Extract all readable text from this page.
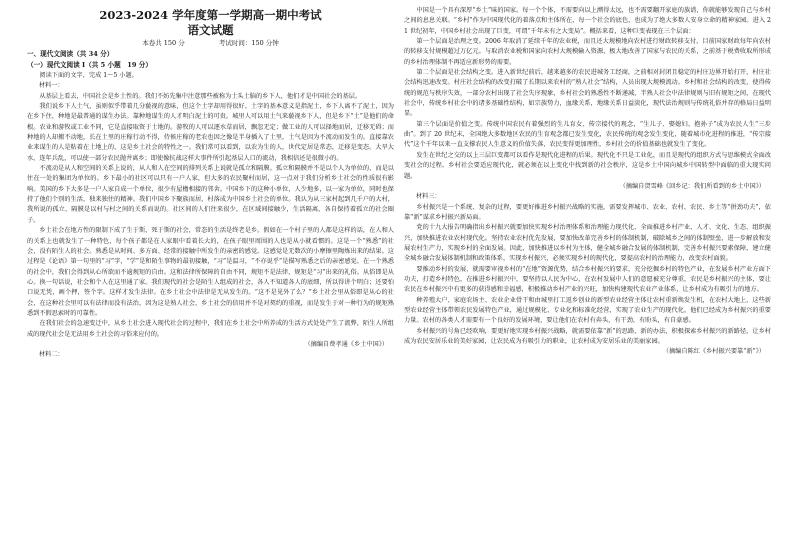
2023-2024 学年度第一学期高一期中考试
语文试题
本卷共 150 分	考试时间：150 分钟
一、现代文阅读（共 34 分）
（一）现代文阅读 I（共 5 小题　19 分）

阅读下面的文字，完成 1～5 小题。

材料一：

从基层上看去，中国社会是乡土性的。我们不妨先集中注意那些被称为土头土脑的乡下人，他们才是中国社会的基层。

我们说乡下人土气，虽则似乎带着几分藐视的意味，但这个土字却用得很好。土字的基本意义是指泥土，乡下人离不了泥土，因为在乡下住，种地是最普通的谋生办法。靠种地谋生的人才明白泥土的可贵。城里人可以用土气来藐视乡下人，但是乡下“土”是他们的命根。农业和游牧或工业不同，它是直接取资于土地的。游牧的人可以逐水草而居，飘忽无定；做工业的人可以择地而居，迁移无碍；而种地的人却搬不动地，长在土里的庄稼行动不得，侍候庄稼的老农也因之像是半身插入了土里，土气是因为不流动而发生的。直接靠农业来谋生的人是粘着在土地上的，这是乡土社会的特性之一。我们常可以看到，以农为生的人，世代定居是常态，迁移是变态。大旱大水，连年兵乱，可以使一部分农民抛井离乡；即使像抗战这样大事件所引起基层人口的流动，我相信还是很微小的。

不流动是从人和空间的关系上说的，从人和人在空间的排列关系上说就是孤立和隔膜。孤立和隔膜并不是以个人为单位的，而是以住在一处的集团为单位的。乡下最小的社区可以只有一户人家，但大多的农民聚村而居，这一点对于我们分析乡土社会的性质很有影响。美国的乡下大多是一户人家自成一个单位，很少有屋檐相接的邻舍。中国乡下的这种小单位，人少地多，以一家为单位，同时也保持了他们个别的生活，独来独往的精神。我们中国乡下聚族而居，村落成为中国乡土社会的单位。我认为从三家村起到几千户的大村，我所说的孤立、隔膜是以村与村之间的关系而说的。社区间的人们往来很少，在区域间接触少，生活隔离，各自保持着孤立的社会圈子。

乡土社会在地方性的限制下成了生于斯、死于斯的社会，常态的生活是终老是乡。假如在一个村子里的人都是这样的话，在人和人的关系上也就发生了一种特色，每个孩子都是在人家眼中看着长大的，在孩子眼里周围的人也是从小就看惯的。这是一个“熟悉”的社会，没有陌生人的社会。熟悉是从时间、多方面、经常的接触中所发生的亲密的感觉。这感觉是无数次的小摩擦里陶炼出来的结果。这过程是《论语》第一句里的“习”字，“学”是和陌生事物的最初接触，“习”是温习，“不亦说乎”是描写熟悉之后的亲密感觉。在一个熟悉的社会中，我们会得到从心所欲而不逾规矩的自由。这和法律所保障的自由不同，规矩不是法律，规矩是“习”出来的礼俗。从俗即是从心。换一句话说，社会和个人在这里通了家。我们现代的社会是陌生人组成的社会，各人不知道各人的底细，所以得讲个明白；还要怕口说无凭，画个押，签个字。这样才发生法律。在乡土社会中法律是无从发生的。“这不是见外了么？”乡土社会里从俗即是从心的社会，在这种社会里可以有法律而没有法治，因为这是熟人社会，乡土社会的信用并不是对契约的重视，而是发生于对一种行为的规矩熟悉到不假思索时的可靠性。

在我们社会的急速变迁中，从乡土社会进入现代社会的过程中，我们在乡土社会中所养成的生活方式处处产生了流弊，陌生人所组成的现代社会是无法用乡土社会的习俗来应付的。

（摘编自费孝通《乡土中国》）

材料二：

中国是一个具有深厚“乡土”味的国家。每一个个体，不需要向以上溯得太远，也不需要翻开家庭的族谱，你就能够发现自己与乡村之间的息息关联。“乡村”作为中国现代化的着落点和主体所在，每一个社会的底色，也成为了绝大多数人安身立命的精神家园。进入 21 世纪初年，中国乡村社会出现了巨变，可谓“千年未有之大变局”。概括来看，这种巨变表现在三个层面：

第一个层面是治理之变。2006 年取消了延续千年的农业税，而且还大规模地向农村进行财政转移支付，目前国家财政每年向农村的转移支付规模超过万亿元。与取消农业税和国家向农村大规模输入资源，极大地改善了国家与农民的关系，之前基于税费收取所形成的乡村治理体制不再适应新形势的需要。

第二个层面是社会结构之变。进入新世纪前后，越来越多的农民进城务工经商，之前相对封闭且稳定的村庄边界开始打开，村庄社会结构迅速改变。村庄社会结构的改变打破了长期以来农村的“熟人社会”结构，人员出现大规模流动。乡村和社会结构的改变，使得传统的规范与秩序失效，一部分农村出现了社会失序现象，乡村社会的熟悉性不断递减，半熟人社会中法律规则与旧有规矩之间，在现代社会中，传统乡村社会中的诸多基础性结构，如宗族势力，血缘关系，地缘关系日益淡化，现代法治规则与传统礼俗并存的格局日益明显。

第三个层面是价值之变。传统中国农民有着强烈的生儿育女、传宗接代的观念，“生儿子、娶媳妇、抱孙子”成为农民人生“三步曲”。到了 20 世纪末，全国绝大多数地区农民的生育观念都已发生变化，农民传统的观念发生变化，随着城市化进程的推进，“传宗接代”这个千年以来一直支撑农民人生意义的价值失落，农民变得更加理性，乡村社会的价值基础也就发生了变化。

发生在世纪之交的以上三层巨变都可以看作是现代化进程的后果。现代化不只是工业化，而且是现代的组织方式与思维模式全面改变社会的过程。乡村社会要适应现代化，就必须在以上变化中找到新的社会秩序，这是乡土中国向城乡中国转型中面临的重大现实问题。

（摘编自贺雪峰《回乡记：我们所看到的乡土中国》）

材料三：

乡村振兴是一个系统、复杂的过程，要更好推进乡村振兴战略的实施，需要发挥城市、农业、农村、农民、乡土等“拼劲功夫”，依靠“新”谋求乡村振兴新局面。

党的十九大报告明确指出乡村振兴就要加快实现乡村治理体系和治理能力现代化，全面推进乡村产业、人才、文化、生态、组织振兴，加快推进农业农村现代化。坚持农业农村优先发展，要加快改革完善乡村的体制机制，破除城乡之间的体制壁垒，进一步解放和发展农村生产力，实现乡村的全面发展。因此，加快推进以乡村为主体，健全城乡融合发展的体制机制，完善乡村振兴要素保障，建立健全城乡融合发展体制机制和政策体系，实现乡村振兴，必须实现乡村的现代化，要提高农村的治理能力，改变农村面貌。

要推动乡村的发展，就需要审视乡村的“在地”资源优势，结合乡村振兴的要求，充分挖掘乡村的特色产业，在发展乡村产业方面下功夫，打造乡村特色，在推进乡村振兴中，要坚持以人民为中心，在农村发展中人们的意愿被充分尊重，农民是乡村振兴的主体，要让农民在乡村振兴中有更多的获得感和幸福感，积极推动乡村产业的兴旺，加快构建现代农业产业体系，让乡村成为有吸引力的地方。

种养殖大户、家庭农场主、农业企业骨干和由城里打工返乡创业的新型农业经营主体让农村重新焕发生机，在农村大地上，这些新型农业经营主体带领农民发展特色产业，通过规模化、专业化和标准化经营，实现了农业生产的现代化，他们已经成为乡村振兴的重要力量。农村的各类人才需要有一个良好的发展环境，要让他们在农村有奔头，有干劲，有盼头，有自豪感。

乡村振兴的号角已经吹响，要更好地实现乡村振兴战略，就需要依靠“新”的思路、新的办法，积极探索乡村振兴的新路径，让乡村成为农民安居乐业的美好家园，让农民成为有吸引力的职业，让农村成为安居乐业的美丽家园。

（摘编自陈红《乡村振兴要靠“新”》）
